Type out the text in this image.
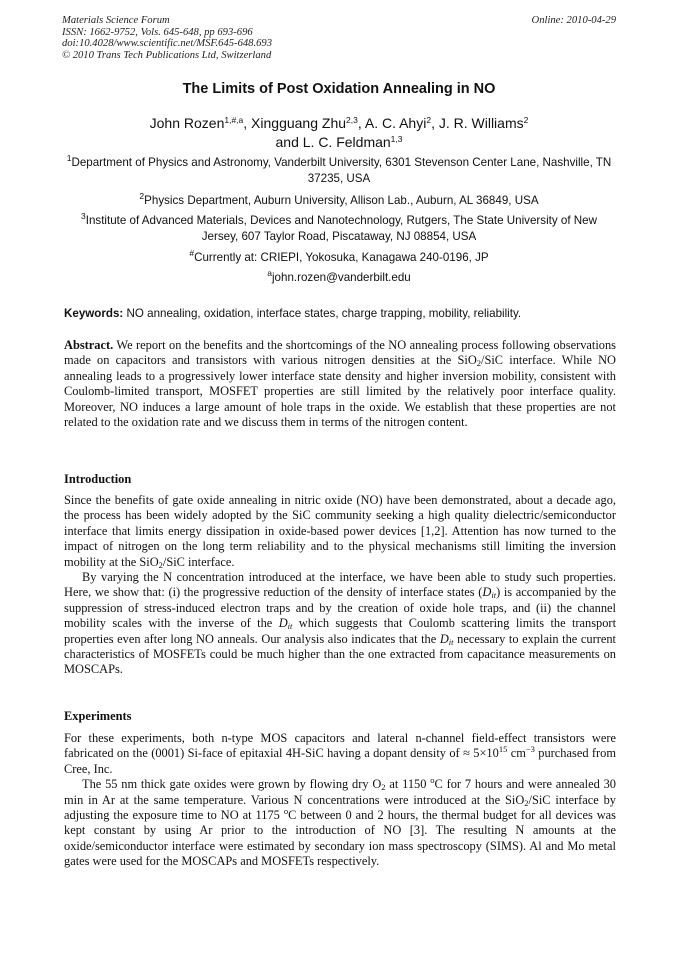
Materials Science Forum
ISSN: 1662-9752, Vols. 645-648, pp 693-696
doi:10.4028/www.scientific.net/MSF.645-648.693
© 2010 Trans Tech Publications Ltd, Switzerland
Online: 2010-04-29
The Limits of Post Oxidation Annealing in NO
John Rozen$^{1,\#,a}$, Xingguang Zhu$^{2,3}$, A. C. Ahyi$^2$, J. R. Williams$^2$
and L. C. Feldman$^{1,3}$
$^1$Department of Physics and Astronomy, Vanderbilt University, 6301 Stevenson Center Lane, Nashville, TN 37235, USA
$^2$Physics Department, Auburn University, Allison Lab., Auburn, AL 36849, USA
$^3$Institute of Advanced Materials, Devices and Nanotechnology, Rutgers, The State University of New Jersey, 607 Taylor Road, Piscataway, NJ 08854, USA
#Currently at: CRIEPI, Yokosuka, Kanagawa 240-0196, JP
$^a$john.rozen@vanderbilt.edu
Keywords: NO annealing, oxidation, interface states, charge trapping, mobility, reliability.

Abstract. We report on the benefits and the shortcomings of the NO annealing process following observations made on capacitors and transistors with various nitrogen densities at the SiO$_2$/SiC interface. While NO annealing leads to a progressively lower interface state density and higher inversion mobility, consistent with Coulomb-limited transport, MOSFET properties are still limited by the relatively poor interface quality. Moreover, NO induces a large amount of hole traps in the oxide. We establish that these properties are not related to the oxidation rate and we discuss them in terms of the nitrogen content.

Introduction

Since the benefits of gate oxide annealing in nitric oxide (NO) have been demonstrated, about a decade ago, the process has been widely adopted by the SiC community seeking a high quality dielectric/semiconductor interface that limits energy dissipation in oxide-based power devices [1,2]. Attention has now turned to the impact of nitrogen on the long term reliability and to the physical mechanisms still limiting the inversion mobility at the SiO$_2$/SiC interface.

By varying the N concentration introduced at the interface, we have been able to study such properties. Here, we show that: (i) the progressive reduction of the density of interface states $(D_{it})$ is accompanied by the suppression of stress-induced electron traps and by the creation of oxide hole traps, and (ii) the channel mobility scales with the inverse of the $D_{it}$ which suggests that Coulomb scattering limits the transport properties even after long NO anneals. Our analysis also indicates that the $D_{it}$ necessary to explain the current characteristics of MOSFETs could be much higher than the one extracted from capacitance measurements on MOSCAPs.

Experiments

For these experiments, both n-type MOS capacitors and lateral n-channel field-effect transistors were fabricated on the (0001) Si-face of epitaxial 4H-SiC having a dopant density of ≈ $5\times 10^{15}$ $cm^{-3}$ purchased from Cree, Inc.

The 55 nm thick gate oxides were grown by flowing dry $O_2$ at 1150 $^o$C for 7 hours and were annealed 30 min in Ar at the same temperature. Various N concentrations were introduced at the SiO$_2$/SiC interface by adjusting the exposure time to NO at 1175 $^o$C between 0 and 2 hours, the thermal budget for all devices was kept constant by using Ar prior to the introduction of NO [3]. The resulting N amounts at the oxide/semiconductor interface were estimated by secondary ion mass spectroscopy (SIMS). Al and Mo metal gates were used for the MOSCAPs and MOSFETs respectively.
